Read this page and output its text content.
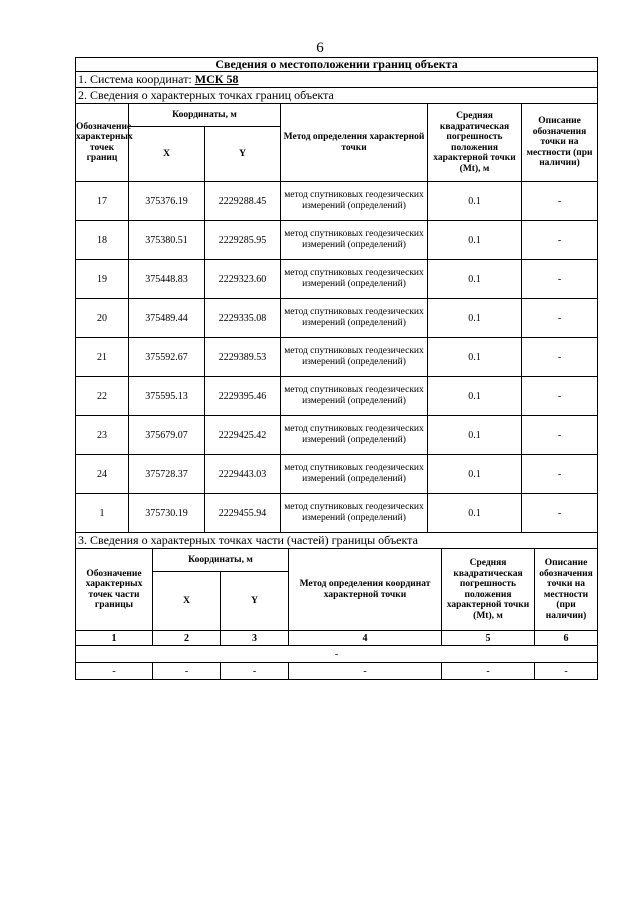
6
Сведения о местоположении границ объекта					
1. Система координат: МСК 58					
2. Сведения о характерных точках границ объекта					
Обозначение характерных точек границ	Координаты, м		Метод определения характерной точки	Средняя квадратическая погрешность положения характерной точки (Mt), м	Описание обозначения точки на местности (при наличии)
	X	Y			
17	375376.19	2229288.45	метод спутниковых геодезических измерений (определений)	0.1	-
18	375380.51	2229285.95	метод спутниковых геодезических измерений (определений)	0.1	-
19	375448.83	2229323.60	метод спутниковых геодезических измерений (определений)	0.1	-
20	375489.44	2229335.08	метод спутниковых геодезических измерений (определений)	0.1	-
21	375592.67	2229389.53	метод спутниковых геодезических измерений (определений)	0.1	-
22	375595.13	2229395.46	метод спутниковых геодезических измерений (определений)	0.1	-
23	375679.07	2229425.42	метод спутниковых геодезических измерений (определений)	0.1	-
24	375728.37	2229443.03	метод спутниковых геодезических измерений (определений)	0.1	-
1	375730.19	2229455.94	метод спутниковых геодезических измерений (определений)	0.1	-
3. Сведения о характерных точках части (частей) границы объекта					
Обозначение характерных точек части границы	Координаты, м		Метод определения координат характерной точки	Средняя квадратическая погрешность положения характерной точки (Mt), м	Описание обозначения точки на местности (при наличии)
	X	Y			
1	2	3	4	5	6
-					
-	-	-	-	-	-
